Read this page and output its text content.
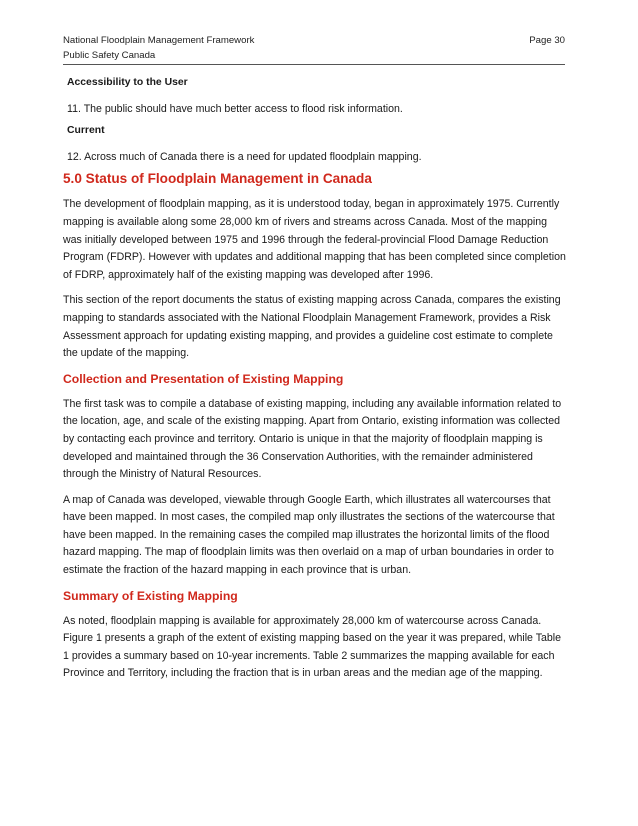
National Floodplain Management Framework	Page 30
Public Safety Canada
Accessibility to the User
11. The public should have much better access to flood risk information.
Current
12. Across much of Canada there is a need for updated floodplain mapping.
5.0 Status of Floodplain Management in Canada

The development of floodplain mapping, as it is understood today, began in approximately 1975. Currently mapping is available along some 28,000 km of rivers and streams across Canada. Most of the mapping was initially developed between 1975 and 1996 through the federal-provincial Flood Damage Reduction Program (FDRP). However with updates and additional mapping that has been completed since completion of FDRP, approximately half of the existing mapping was developed after 1996.

This section of the report documents the status of existing mapping across Canada, compares the existing mapping to standards associated with the National Floodplain Management Framework, provides a Risk Assessment approach for updating existing mapping, and provides a guideline cost estimate to complete the update of the mapping.

Collection and Presentation of Existing Mapping

The first task was to compile a database of existing mapping, including any available information related to the location, age, and scale of the existing mapping. Apart from Ontario, existing information was collected by contacting each province and territory. Ontario is unique in that the majority of floodplain mapping is developed and maintained through the 36 Conservation Authorities, with the remainder administered through the Ministry of Natural Resources.

A map of Canada was developed, viewable through Google Earth, which illustrates all watercourses that have been mapped. In most cases, the compiled map only illustrates the sections of the watercourse that have been mapped. In the remaining cases the compiled map illustrates the horizontal limits of the flood hazard mapping. The map of floodplain limits was then overlaid on a map of urban boundaries in order to estimate the fraction of the hazard mapping in each province that is urban.

Summary of Existing Mapping

As noted, floodplain mapping is available for approximately 28,000 km of watercourse across Canada. Figure 1 presents a graph of the extent of existing mapping based on the year it was prepared, while Table 1 provides a summary based on 10-year increments. Table 2 summarizes the mapping available for each Province and Territory, including the fraction that is in urban areas and the median age of the mapping.
